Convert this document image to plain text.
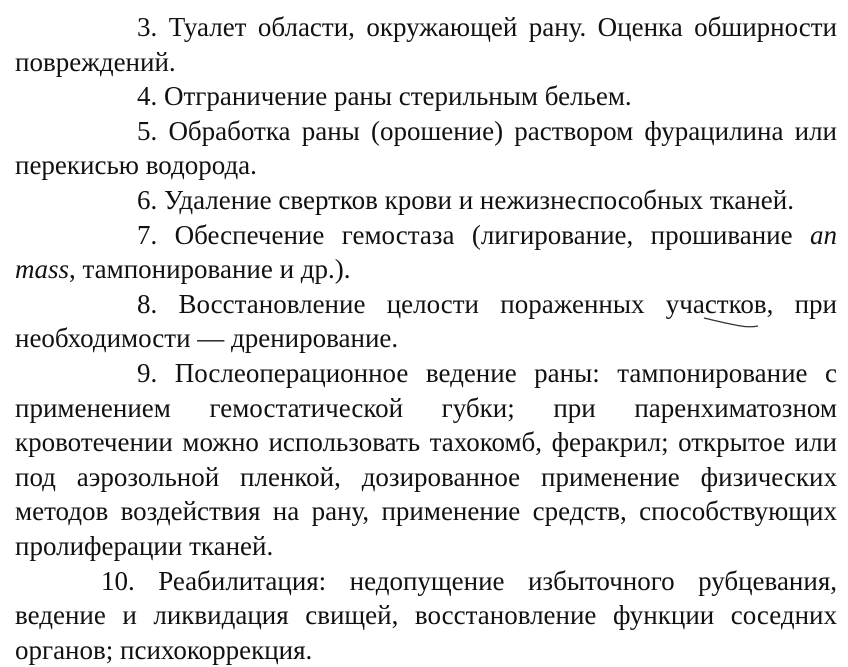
3. Туалет области, окружающей рану. Оценка обширности повреждений.

4. Отграничение раны стерильным бельем.

5. Обработка раны (орошение) раствором фурацилина или перекисью водорода.

6. Удаление свертков крови и нежизнеспособных тканей.

7. Обеспечение гемостаза (лигирование, прошивание an mass, тампонирование и др.).

8. Восстановление целости пораженных участков, при необходимости — дренирование.

9. Послеоперационное ведение раны: тампонирование с применением гемостатической губки; при паренхиматозном кровотечении можно использовать тахокомб, феракрил; открытое или под аэрозольной пленкой, дозированное применение физических методов воздействия на рану, применение средств, способствующих пролиферации тканей.

10. Реабилитация: недопущение избыточного рубцевания, ведение и ликвидация свищей, восстановление функции соседних органов; психокоррекция.
